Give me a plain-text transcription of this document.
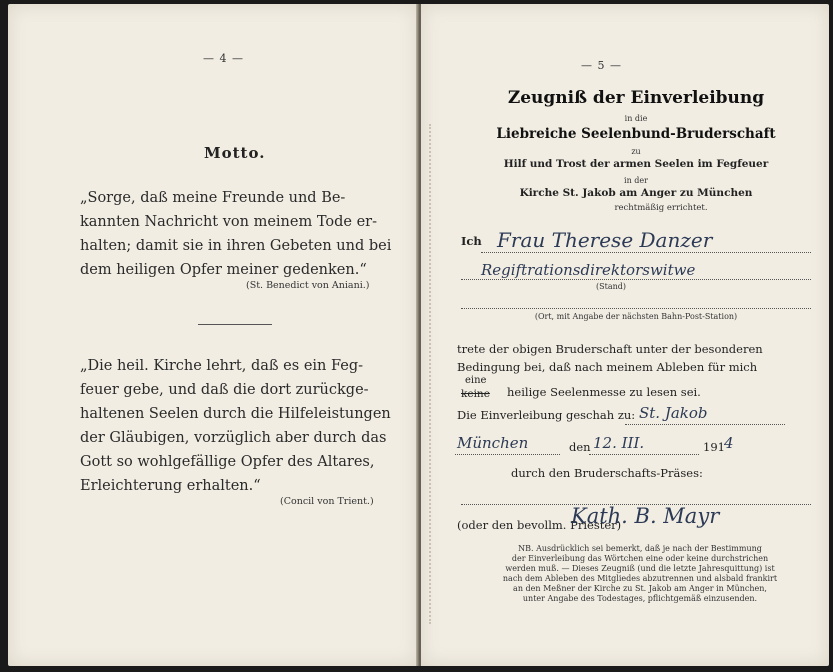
— 4 —
Motto.
„Sorge, daß meine Freunde und Be-
kannten Nachricht von meinem Tode er-
halten; damit sie in ihren Gebeten und bei
dem heiligen Opfer meiner gedenken.“
(St. Benedict von Aniani.)
„Die heil. Kirche lehrt, daß es ein Feg-
feuer gebe, und daß die dort zurückge-
haltenen Seelen durch die Hilfeleistungen
der Gläubigen, vorzüglich aber durch das
Gott so wohlgefällige Opfer des Altares,
Erleichterung erhalten.“
(Concil von Trient.)
— 5 —
Zeugniß der Einverleibung
in die
Liebreiche Seelenbund-Bruderschaft
zu
Hilf und Trost der armen Seelen im Fegfeuer
in der
Kirche St. Jakob am Anger zu München
rechtmäßig errichtet.
Ich Frau Therese Danzer
Regiftrationsdirektorswitwe
(Stand)
(Ort, mit Angabe der nächsten Bahn-Post-Station)
trete der obigen Bruderschaft unter der besonderen
Bedingung bei, daß nach meinem Ableben für mich
eine
keine heilige Seelenmesse zu lesen sei.
Die Einverleibung geschah zu: St. Jakob
München	den 12. III.	191 4
durch den Bruderschafts-Präses:
(oder den bevollm. Priester)
Kath. B. Mayr
NB. Ausdrücklich sei bemerkt, daß je nach der Bestimmung
der Einverleibung das Wörtchen eine oder keine durchstrichen
werden muß. — Dieses Zeugniß (und die letzte Jahresquittung) ist
nach dem Ableben des Mitgliedes abzutrennen und alsbald frankirt
an den Meßner der Kirche zu St. Jakob am Anger in München,
unter Angabe des Todestages, pflichtgemäß einzusenden.
